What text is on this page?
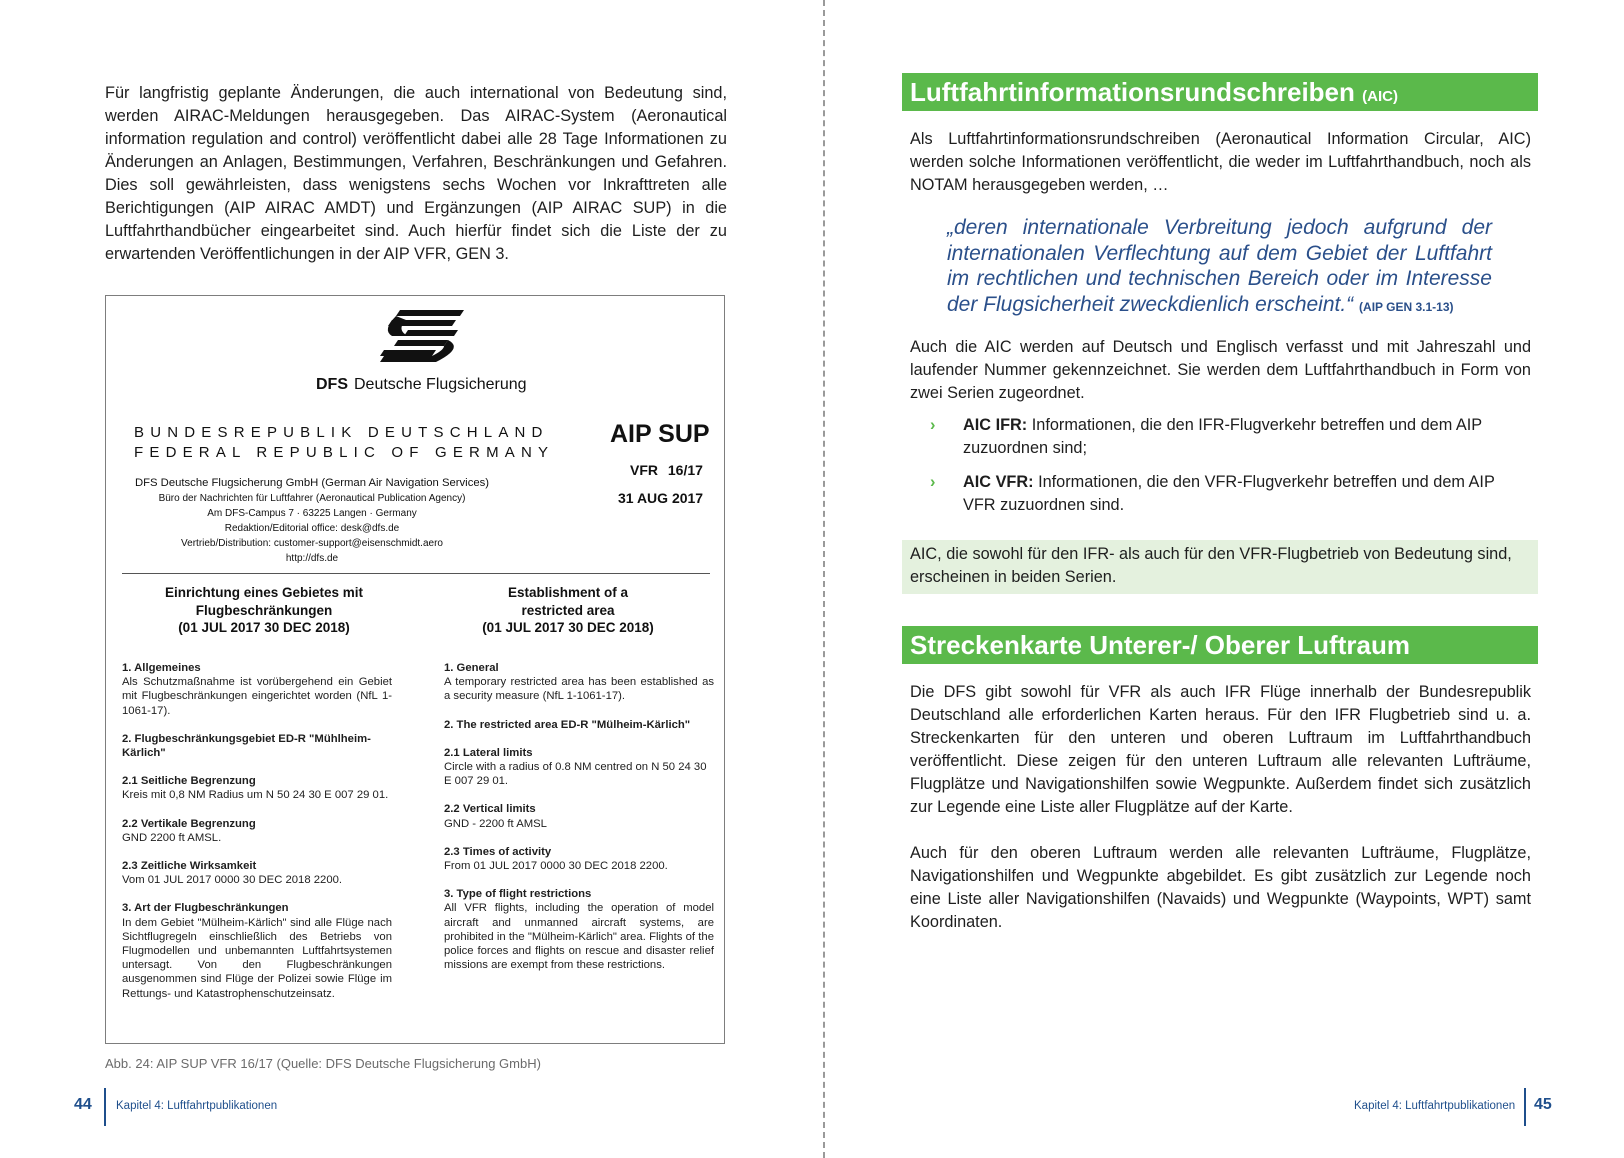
Für langfristig geplante Änderungen, die auch international von Bedeutung sind, werden AIRAC-Meldungen herausgegeben. Das AIRAC-System (Aeronautical information regulation and control) veröffentlicht dabei alle 28 Tage Informationen zu Änderungen an Anlagen, Bestimmungen, Verfahren, Beschränkungen und Gefahren. Dies soll gewährleisten, dass wenigstens sechs Wochen vor Inkrafttreten alle Berichtigungen (AIP AIRAC AMDT) und Ergänzungen (AIP AIRAC SUP) in die Luftfahrthandbücher eingearbeitet sind. Auch hierfür findet sich die Liste der zu erwartenden Veröffentlichungen in der AIP VFR, GEN 3.
DFS Deutsche Flugsicherung
BUNDESREPUBLIK DEUTSCHLAND
FEDERAL REPUBLIC OF GERMANY
AIP SUP
VFR 16/17
31 AUG 2017
DFS Deutsche Flugsicherung GmbH (German Air Navigation Services)
Büro der Nachrichten für Luftfahrer (Aeronautical Publication Agency)
Am DFS-Campus 7 · 63225 Langen · Germany
Redaktion/Editorial office: desk@dfs.de
Vertrieb/Distribution: customer-support@eisenschmidt.aero
http://dfs.de
Einrichtung eines Gebietes mit
Flugbeschränkungen
(01 JUL 2017 30 DEC 2018)
Establishment of a
restricted area
(01 JUL 2017 30 DEC 2018)
1. Allgemeines
Als Schutzmaßnahme ist vorübergehend ein Gebiet mit Flugbeschränkungen eingerichtet worden (NfL 1-1061-17).
2. Flugbeschränkungsgebiet ED-R "Mühlheim-Kärlich"
2.1 Seitliche Begrenzung
Kreis mit 0,8 NM Radius um N 50 24 30 E 007 29 01.
2.2 Vertikale Begrenzung
GND 2200 ft AMSL.
2.3 Zeitliche Wirksamkeit
Vom 01 JUL 2017 0000 30 DEC 2018 2200.
3. Art der Flugbeschränkungen
In dem Gebiet "Mülheim-Kärlich" sind alle Flüge nach Sichtflugregeln einschließlich des Betriebs von Flugmodellen und unbemannten Luftfahrtsystemen untersagt. Von den Flugbeschränkungen ausgenommen sind Flüge der Polizei sowie Flüge im Rettungs- und Katastrophenschutzeinsatz.
1. General
A temporary restricted area has been established as a security measure (NfL 1-1061-17).
2. The restricted area ED-R "Mülheim-Kärlich"
2.1 Lateral limits
Circle with a radius of 0.8 NM centred on N 50 24 30 E 007 29 01.
2.2 Vertical limits
GND - 2200 ft AMSL
2.3 Times of activity
From 01 JUL 2017 0000 30 DEC 2018 2200.
3. Type of flight restrictions
All VFR flights, including the operation of model aircraft and unmanned aircraft systems, are prohibited in the "Mülheim-Kärlich" area. Flights of the police forces and flights on rescue and disaster relief missions are exempt from these restrictions.
Abb. 24: AIP SUP VFR 16/17 (Quelle: DFS Deutsche Flugsicherung GmbH)
44 Kapitel 4: Luftfahrtpublikationen
Luftfahrtinformationsrundschreiben (AIC)
Als Luftfahrtinformationsrundschreiben (Aeronautical Information Circular, AIC) werden solche Informationen veröffentlicht, die weder im Luftfahrthandbuch, noch als NOTAM herausgegeben werden, …
„deren internationale Verbreitung jedoch aufgrund der internationalen Verflechtung auf dem Gebiet der Luftfahrt im rechtlichen und technischen Bereich oder im Interesse der Flugsicherheit zweckdienlich erscheint.“ (AIP GEN 3.1-13)
Auch die AIC werden auf Deutsch und Englisch verfasst und mit Jahreszahl und laufender Nummer gekennzeichnet. Sie werden dem Luftfahrthandbuch in Form von zwei Serien zugeordnet.
› AIC IFR: Informationen, die den IFR-Flugverkehr betreffen und dem AIP zuzuordnen sind;
› AIC VFR: Informationen, die den VFR-Flugverkehr betreffen und dem AIP VFR zuzuordnen sind.
AIC, die sowohl für den IFR- als auch für den VFR-Flugbetrieb von Bedeutung sind, erscheinen in beiden Serien.
Streckenkarte Unterer-/ Oberer Luftraum
Die DFS gibt sowohl für VFR als auch IFR Flüge innerhalb der Bundesrepublik Deutschland alle erforderlichen Karten heraus. Für den IFR Flugbetrieb sind u. a. Streckenkarten für den unteren und oberen Luftraum im Luftfahrthandbuch veröffentlicht. Diese zeigen für den unteren Luftraum alle relevanten Lufträume, Flugplätze und Navigationshilfen sowie Wegpunkte. Außerdem findet sich zusätzlich zur Legende eine Liste aller Flugplätze auf der Karte.
Auch für den oberen Luftraum werden alle relevanten Lufträume, Flugplätze, Navigationshilfen und Wegpunkte abgebildet. Es gibt zusätzlich zur Legende noch eine Liste aller Navigationshilfen (Navaids) und Wegpunkte (Waypoints, WPT) samt Koordinaten.
Kapitel 4: Luftfahrtpublikationen 45
